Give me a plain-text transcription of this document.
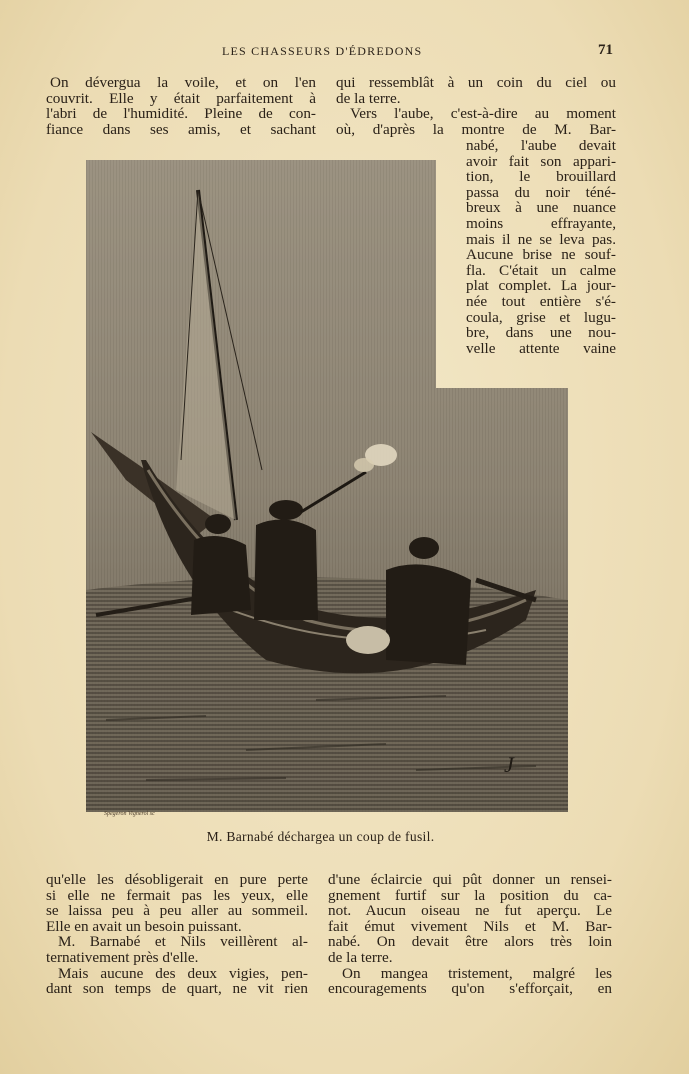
LES CHASSEURS D'ÉDREDONS	71
On dévergua la voile, et on l'en
couvrit. Elle y était parfaitement à
l'abri de l'humidité. Pleine de con-
fiance dans ses amis, et sachant
qui ressemblât à un coin du ciel ou
de la terre.
Vers l'aube, c'est-à-dire au moment
où, d'après la montre de M. Bar-
nabé, l'aube devait
avoir fait son appari-
tion, le brouillard
passa du noir téné-
breux à une nuance
moins effrayante,
mais il ne se leva pas.
Aucune brise ne souf-
fla. C'était un calme
plat complet. La jour-
née tout entière s'é-
coula, grise et lugu-
bre, dans une nou-
velle attente vaine
J
Spegeron Vignerol sc
M. Barnabé déchargea un coup de fusil.
qu'elle les désobligerait en pure perte
si elle ne fermait pas les yeux, elle
se laissa peu à peu aller au sommeil.
Elle en avait un besoin puissant.
M. Barnabé et Nils veillèrent al-
ternativement près d'elle.
Mais aucune des deux vigies, pen-
dant son temps de quart, ne vit rien
d'une éclaircie qui pût donner un rensei-
gnement furtif sur la position du ca-
not. Aucun oiseau ne fut aperçu. Le
fait émut vivement Nils et M. Bar-
nabé. On devait être alors très loin
de la terre.
On mangea tristement, malgré les
encouragements qu'on s'efforçait, en
